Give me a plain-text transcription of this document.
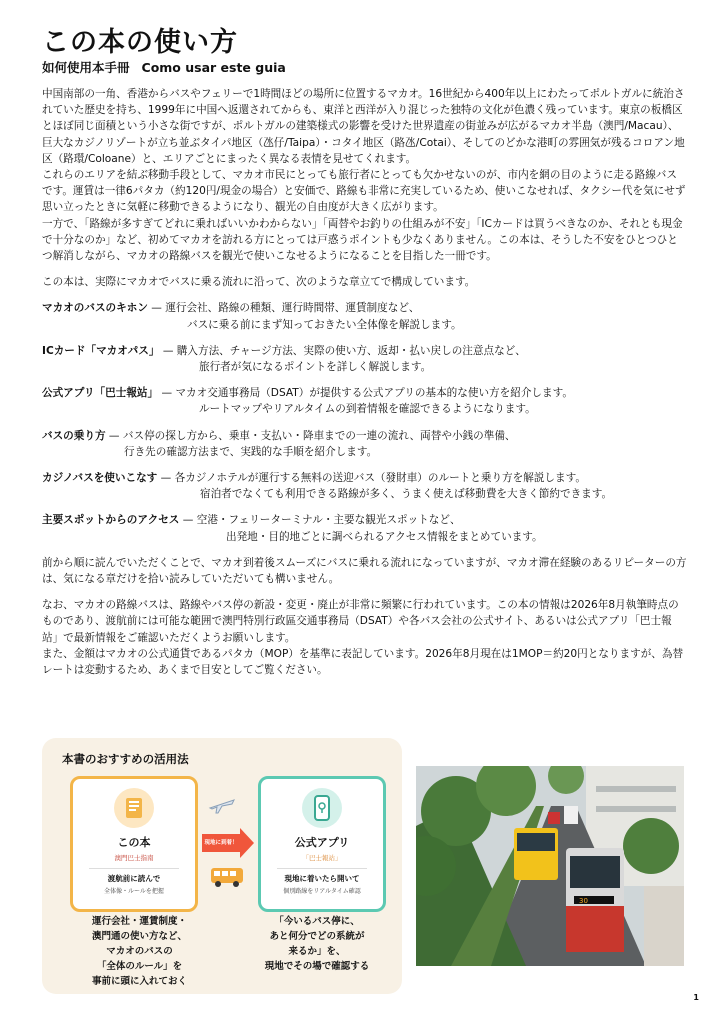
この本の使い方
如何使用本手冊 Como usar este guia

中国南部の一角、香港からバスやフェリーで1時間ほどの場所に位置するマカオ。16世紀から400年以上にわたってポルトガルに統治されていた歴史を持ち、1999年に中国へ返還されてからも、東洋と西洋が入り混じった独特の文化が色濃く残っています。東京の板橋区とほぼ同じ面積という小さな街ですが、ポルトガルの建築様式の影響を受けた世界遺産の街並みが広がるマカオ半島（澳門/Macau）、巨大なカジノリゾートが立ち並ぶタイパ地区（氹仔/Taipa）・コタイ地区（路氹/Cotai）、そしてのどかな港町の雰囲気が残るコロアン地区（路環/Coloane）と、エリアごとにまったく異なる表情を見せてくれます。

これらのエリアを結ぶ移動手段として、マカオ市民にとっても旅行者にとっても欠かせないのが、市内を網の目のように走る路線バスです。運賃は一律6パタカ（約120円/現金の場合）と安価で、路線も非常に充実しているため、使いこなせれば、タクシー代を気にせず思い立ったときに気軽に移動できるようになり、観光の自由度が大きく広がります。

一方で、「路線が多すぎてどれに乗ればいいかわからない」「両替やお釣りの仕組みが不安」「ICカードは買うべきなのか、それとも現金で十分なのか」など、初めてマカオを訪れる方にとっては戸惑うポイントも少なくありません。この本は、そうした不安をひとつひとつ解消しながら、マカオの路線バスを観光で使いこなせるようになることを目指した一冊です。

この本は、実際にマカオでバスに乗る流れに沿って、次のような章立てで構成しています。

マカオのバスのキホン — 運行会社、路線の種類、運行時間帯、運賃制度など、
バスに乗る前にまず知っておきたい全体像を解説します。
ICカード「マカオパス」 — 購入方法、チャージ方法、実際の使い方、返却・払い戻しの注意点など、
旅行者が気になるポイントを詳しく解説します。
公式アプリ「巴士報站」 — マカオ交通事務局（DSAT）が提供する公式アプリの基本的な使い方を紹介します。
ルートマップやリアルタイムの到着情報を確認できるようになります。
バスの乗り方 — バス停の探し方から、乗車・支払い・降車までの一連の流れ、両替や小銭の準備、
行き先の確認方法まで、実践的な手順を紹介します。
カジノバスを使いこなす — 各カジノホテルが運行する無料の送迎バス（發財車）のルートと乗り方を解説します。
宿泊者でなくても利用できる路線が多く、うまく使えば移動費を大きく節約できます。
主要スポットからのアクセス — 空港・フェリーターミナル・主要な観光スポットなど、
出発地・目的地ごとに調べられるアクセス情報をまとめています。

前から順に読んでいただくことで、マカオ到着後スムーズにバスに乗れる流れになっていますが、マカオ滞在経験のあるリピーターの方は、気になる章だけを拾い読みしていただいても構いません。

なお、マカオの路線バスは、路線やバス停の新設・変更・廃止が非常に頻繁に行われています。この本の情報は2026年8月執筆時点のものであり、渡航前には可能な範囲で澳門特別行政區交通事務局（DSAT）や各バス会社の公式サイト、あるいは公式アプリ「巴士報站」で最新情報をご確認いただくようお願いします。

また、金額はマカオの公式通貨であるパタカ（MOP）を基準に表記しています。2026年8月現在は1MOP＝約20円となりますが、為替レートは変動するため、あくまで目安としてご覧ください。

本書のおすすめの活用法
この本
澳門巴士指南
渡航前に読んで
全体像・ルールを把握
現地に到着！	公式アプリ
「巴士報站」
現地に着いたら開いて
個別路線をリアルタイム確認
運行会社・運賃制度・
澳門通の使い方など、
マカオのバスの
「全体のルール」を
事前に頭に入れておく
「今いるバス停に、
あと何分でどの系統が
来るか」を、
現地でその場で確認する
30
1
